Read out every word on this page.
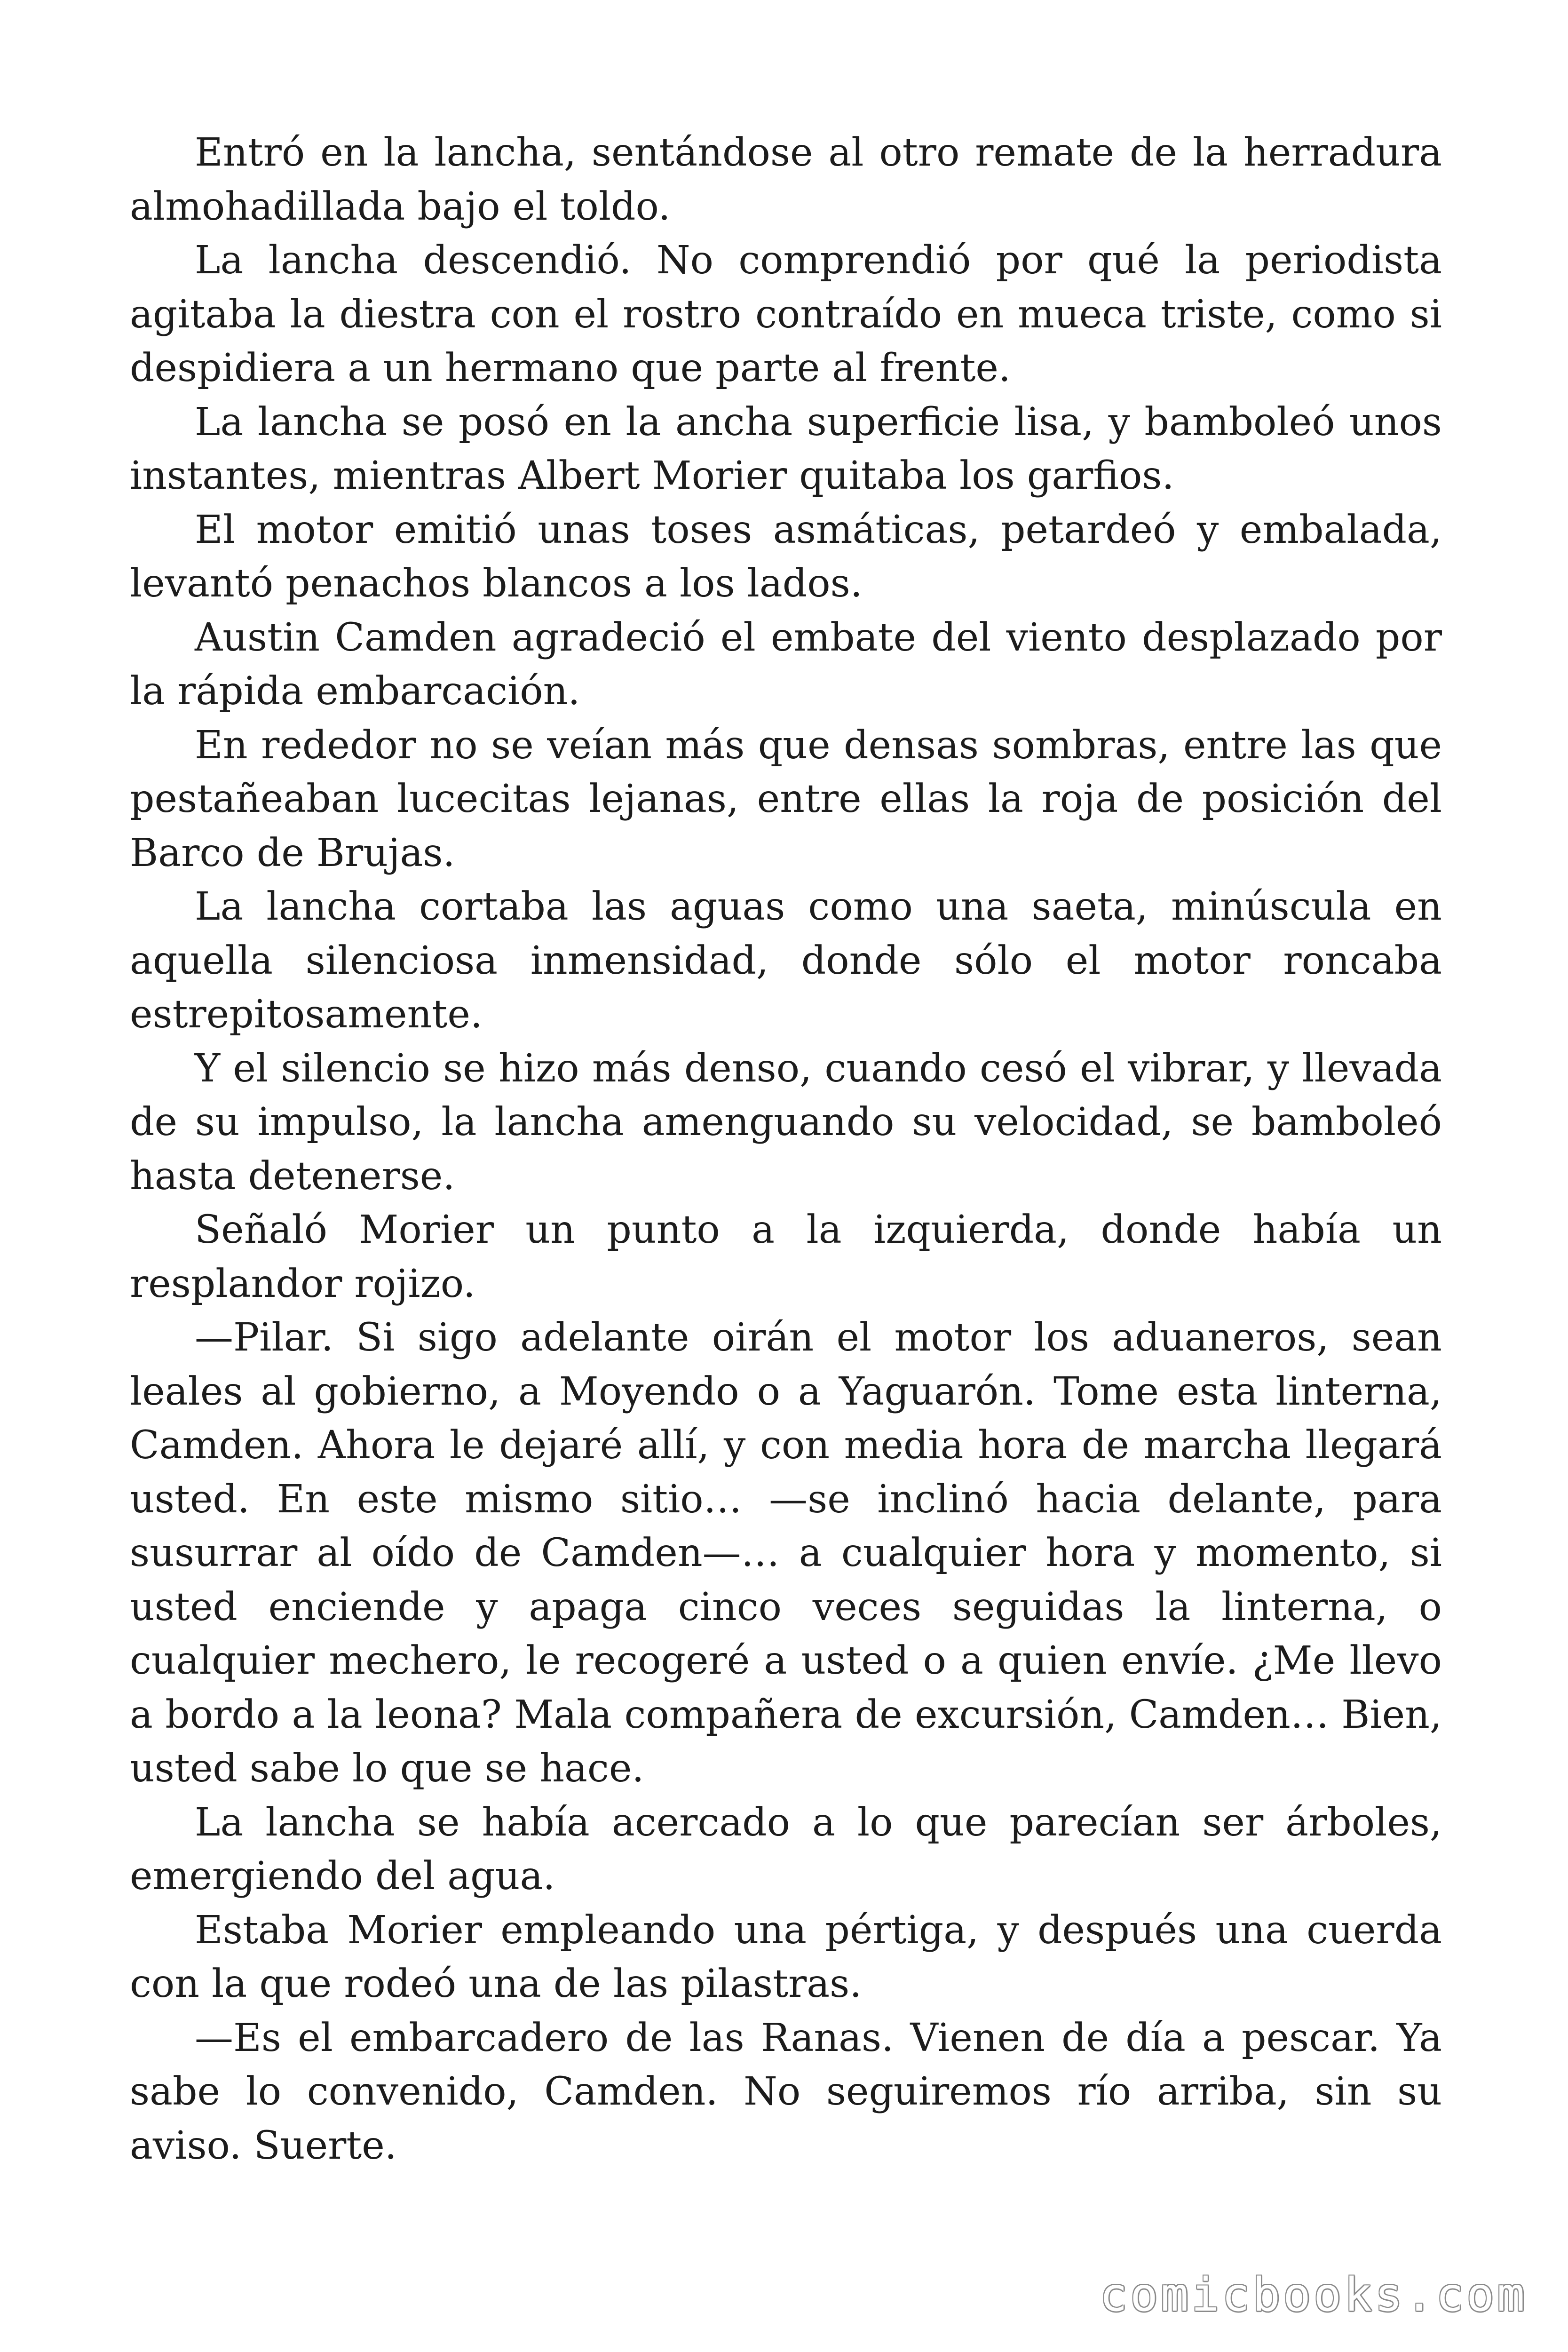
Entró en la lancha, sentándose al otro remate de la herradura almohadillada bajo el toldo.

La lancha descendió. No comprendió por qué la periodista agitaba la diestra con el rostro contraído en mueca triste, como si despidiera a un hermano que parte al frente.

La lancha se posó en la ancha superficie lisa, y bamboleó unos instantes, mientras Albert Morier quitaba los garfios.

El motor emitió unas toses asmáticas, petardeó y embalada, levantó penachos blancos a los lados.

Austin Camden agradeció el embate del viento desplazado por la rápida embarcación.

En rededor no se veían más que densas sombras, entre las que pestañeaban lucecitas lejanas, entre ellas la roja de posición del Barco de Brujas.

La lancha cortaba las aguas como una saeta, minúscula en aquella silenciosa inmensidad, donde sólo el motor roncaba estrepitosamente.

Y el silencio se hizo más denso, cuando cesó el vibrar, y llevada de su impulso, la lancha amenguando su velocidad, se bamboleó hasta detenerse.

Señaló Morier un punto a la izquierda, donde había un resplandor rojizo.

—Pilar. Si sigo adelante oirán el motor los aduaneros, sean leales al gobierno, a Moyendo o a Yaguarón. Tome esta linterna, Camden. Ahora le dejaré allí, y con media hora de marcha llegará usted. En este mismo sitio… —se inclinó hacia delante, para susurrar al oído de Camden—… a cualquier hora y momento, si usted enciende y apaga cinco veces seguidas la linterna, o cualquier mechero, le recogeré a usted o a quien envíe. ¿Me llevo a bordo a la leona? Mala compañera de excursión, Camden… Bien, usted sabe lo que se hace.

La lancha se había acercado a lo que parecían ser árboles, emergiendo del agua.

Estaba Morier empleando una pértiga, y después una cuerda con la que rodeó una de las pilastras.

—Es el embarcadero de las Ranas. Vienen de día a pescar. Ya sabe lo convenido, Camden. No seguiremos río arriba, sin su aviso. Suerte.

comicbooks.com
